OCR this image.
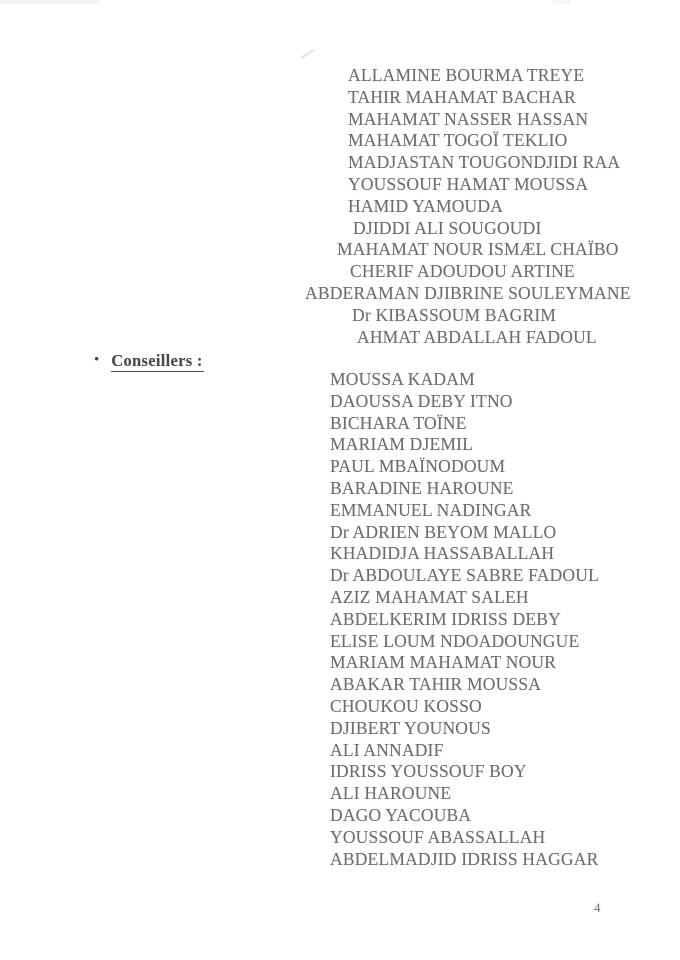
ALLAMINE BOURMA TREYE
TAHIR MAHAMAT BACHAR
MAHAMAT NASSER HASSAN
MAHAMAT TOGOÏ TEKLIO
MADJASTAN TOUGONDJIDI RAA
YOUSSOUF HAMAT MOUSSA
HAMID YAMOUDA
DJIDDI ALI SOUGOUDI
MAHAMAT NOUR ISMÆL CHAÏBO
CHERIF ADOUDOU ARTINE
ABDERAMAN DJIBRINE SOULEYMANE
Dr KIBASSOUM BAGRIM
AHMAT ABDALLAH FADOUL
• Conseillers :
MOUSSA KADAM
DAOUSSA DEBY ITNO
BICHARA TOÏNE
MARIAM DJEMIL
PAUL MBAÏNODOUM
BARADINE HAROUNE
EMMANUEL NADINGAR
Dr ADRIEN BEYOM MALLO
KHADIDJA HASSABALLAH
Dr ABDOULAYE SABRE FADOUL
AZIZ MAHAMAT SALEH
ABDELKERIM IDRISS DEBY
ELISE LOUM NDOADOUNGUE
MARIAM MAHAMAT NOUR
ABAKAR TAHIR MOUSSA
CHOUKOU KOSSO
DJIBERT YOUNOUS
ALI ANNADIF
IDRISS YOUSSOUF BOY
ALI HAROUNE
DAGO YACOUBA
YOUSSOUF ABASSALLAH
ABDELMADJID IDRISS HAGGAR
4
